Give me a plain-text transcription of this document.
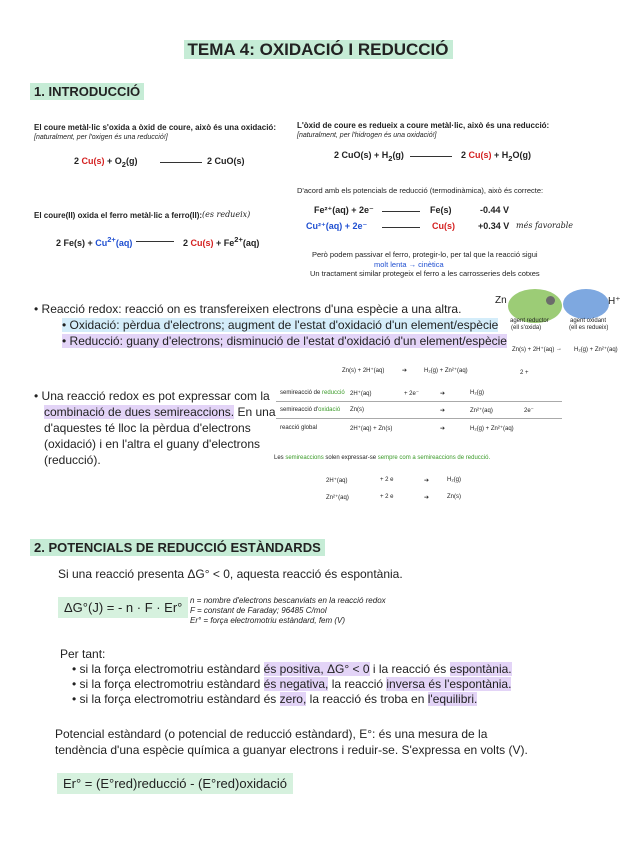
TEMA 4: OXIDACIÓ I REDUCCIÓ
1. INTRODUCCIÓ
El coure metàl·lic s'oxida a òxid de coure, això és una oxidació:
[naturalment, per l'oxigen és una reducció!]
2 $Cu(s) + O_2(g)$	2 CuO(s)
El coure(II) oxida el ferro metàl·lic a ferro(II): (es redueix)
2 $Fe(s) + Cu^{2+}(aq)$	2 $Cu(s) + Fe^{2+}(aq)$
L'òxid de coure es redueix a coure metàl·lic, això és una reducció:
[naturalment, per l'hidrogen és una oxidació!]
2 $CuO(s) + H_2(g)$	2 $Cu(s) + H_2O(g)$
D'acord amb els potencials de reducció (termodinàmica), això és correcte:
Fe²⁺(aq) + 2e⁻	Fe(s)	-0.44 V
Cu²⁺(aq) + 2e⁻	Cu(s)	+0.34 V més favorable
Però podem passivar el ferro, protegir-lo, per tal que la reacció sigui
molt lenta → cinètica
Un tractament similar protegeix el ferro a les carrosseries dels cotxes
Zn	H⁺
agent reductor
(ell s'oxida)
agent oxidant
(ell es redueix)
Zn(s) + 2H⁺(aq) → H₂(g) + Zn²⁺(aq)
2 +
• Reacció redox: reacció on es transfereixen electrons d'una espècie a una altra.
• Oxidació: pèrdua d'electrons; augment de l'estat d'oxidació d'un element/espècie
• Reducció: guany d'electrons; disminució de l'estat d'oxidació d'un element/espècie
• Una reacció redox es pot expressar com la
combinació de dues semireaccions. En una
d'aquestes té lloc la pèrdua d'electrons
(oxidació) i en l'altra el guany d'electrons
(reducció).
Zn(s) + 2H⁺(aq)	➔	H₂(g) + Zn²⁺(aq)
semireacció de reducció 2H⁺(aq)	+ 2e⁻	➔	H₂(g)
semireacció d'oxidació Zn(s)	➔	Zn²⁺(aq)	2e⁻
reacció global	2H⁺(aq) + Zn(s)	➔	H₂(g) + Zn²⁺(aq)
Les semireaccions solen expressar-se sempre com a semireaccions de reducció.
2H⁺(aq)	+ 2 e	➔	H₂(g)
Zn²⁺(aq)	+ 2 e	➔	Zn(s)
2. POTENCIALS DE REDUCCIÓ ESTÀNDARDS
Si una reacció presenta ΔG° < 0, aquesta reacció és espontània.
ΔG°(J) = - n · F · Er° n = nombre d'electrons bescanviats en la reacció redox
F = constant de Faraday; 96485 C/mol
Er° = força electromotriu estàndard, fem (V)
Per tant:
• si la força electromotriu estàndard és positiva, ΔG° < 0 i la reacció és espontània.
• si la força electromotriu estàndard és negativa, la reacció inversa és l'espontània.
• si la força electromotriu estàndard és zero, la reacció és troba en l'equilibri.
Potencial estàndard (o potencial de reducció estàndard), E°: és una mesura de la
tendència d'una espècie química a guanyar electrons i reduir-se. S'expressa en volts (V).
Er° = (E°red)reducció - (E°red)oxidació
